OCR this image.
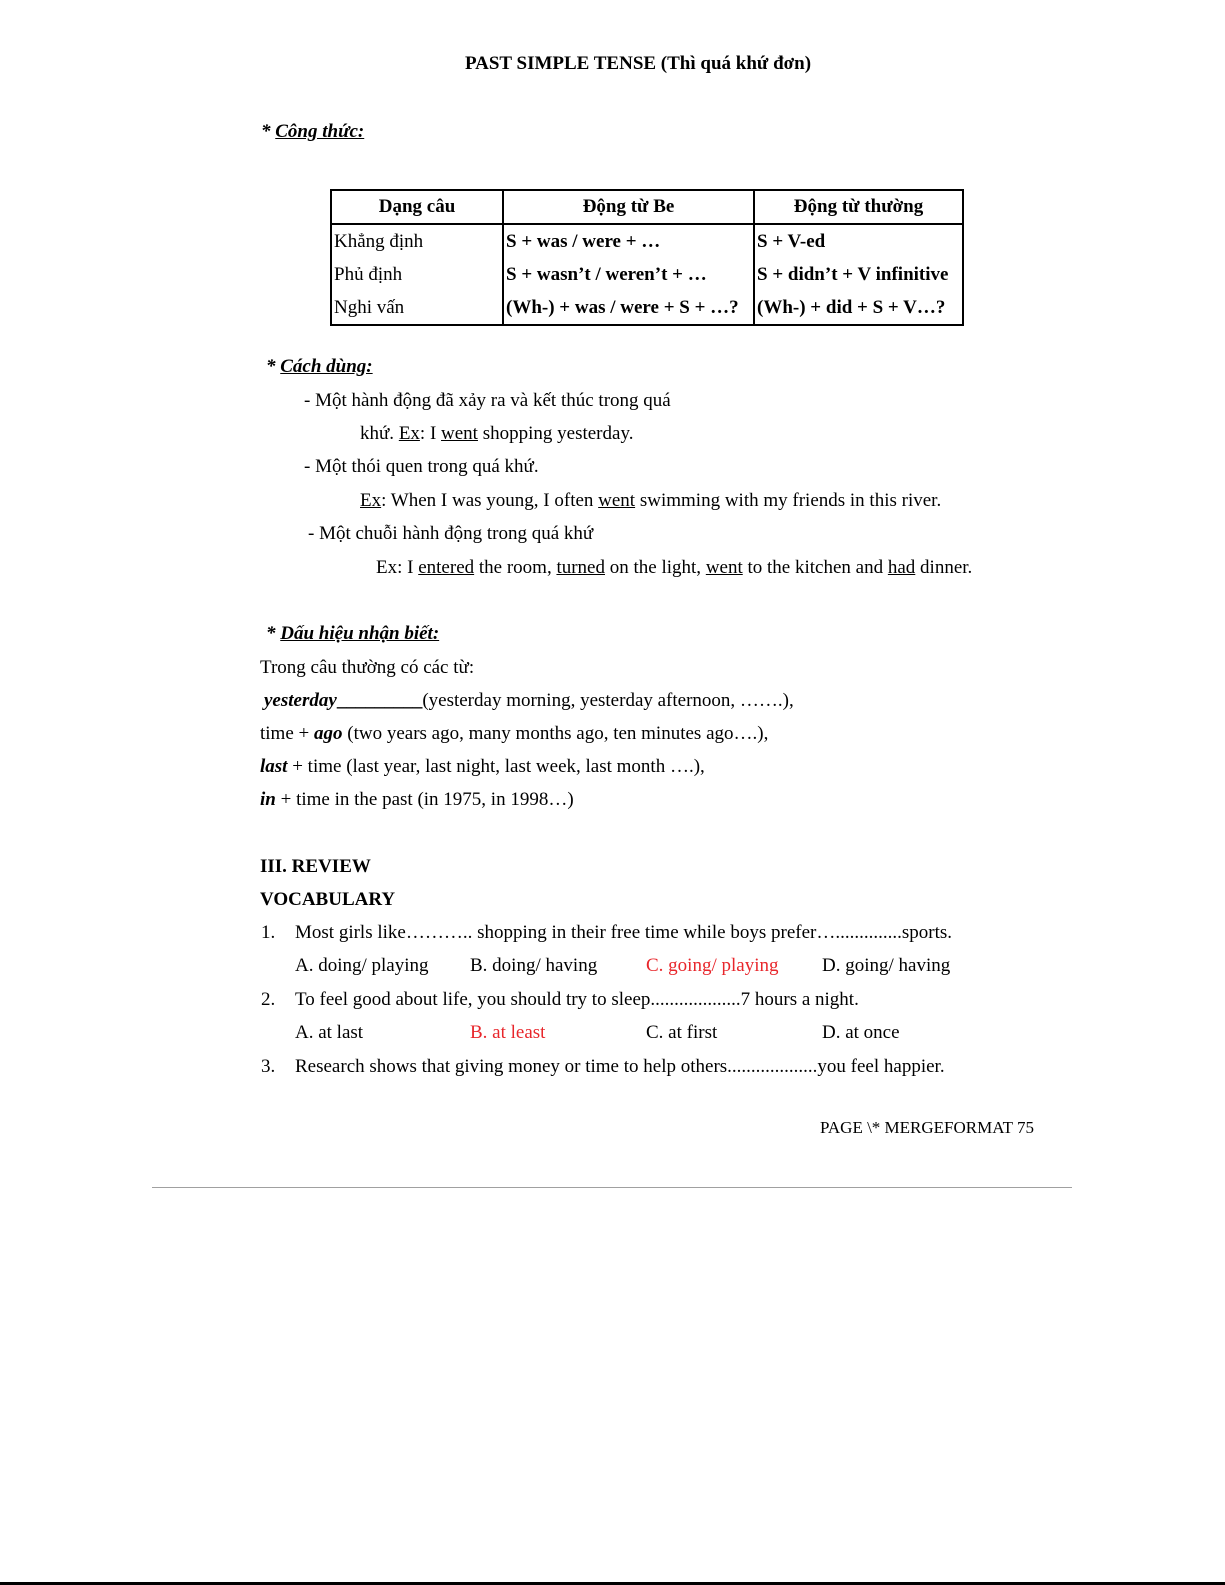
PAST SIMPLE TENSE (Thì quá khứ đơn)
* Công thức:
Dạng câu	Động từ Be	Động từ thường
Khẳng định	S + was / were + …	S + V-ed
Phủ định	S + wasn’t / weren’t + …	S + didn’t + V infinitive
Nghi vấn	(Wh-) + was / were + S + …?	(Wh-) + did + S + V…?
* Cách dùng:
- Một hành động đã xảy ra và kết thúc trong quá
khứ. Ex: I went shopping yesterday.
- Một thói quen trong quá khứ.
Ex: When I was young, I often went swimming with my friends in this river.
- Một chuỗi hành động trong quá khứ
Ex: I entered the room, turned on the light, went to the kitchen and had dinner.
* Dấu hiệu nhận biết:
Trong câu thường có các từ:
yesterday_________(yesterday morning, yesterday afternoon, …….),
time + ago (two years ago, many months ago, ten minutes ago….),
last + time (last year, last night, last week, last month ….),
in + time in the past (in 1975, in 1998…)
III. REVIEW
VOCABULARY
1. Most girls like……….. shopping in their free time while boys prefer…..............sports.
A. doing/ playing B. doing/ having	C. going/ playing D. going/ having
2. To feel good about life, you should try to sleep...................7 hours a night.
A. at last	B. at least	C. at first	D. at once
3. Research shows that giving money or time to help others...................you feel happier.
PAGE \* MERGEFORMAT 75
